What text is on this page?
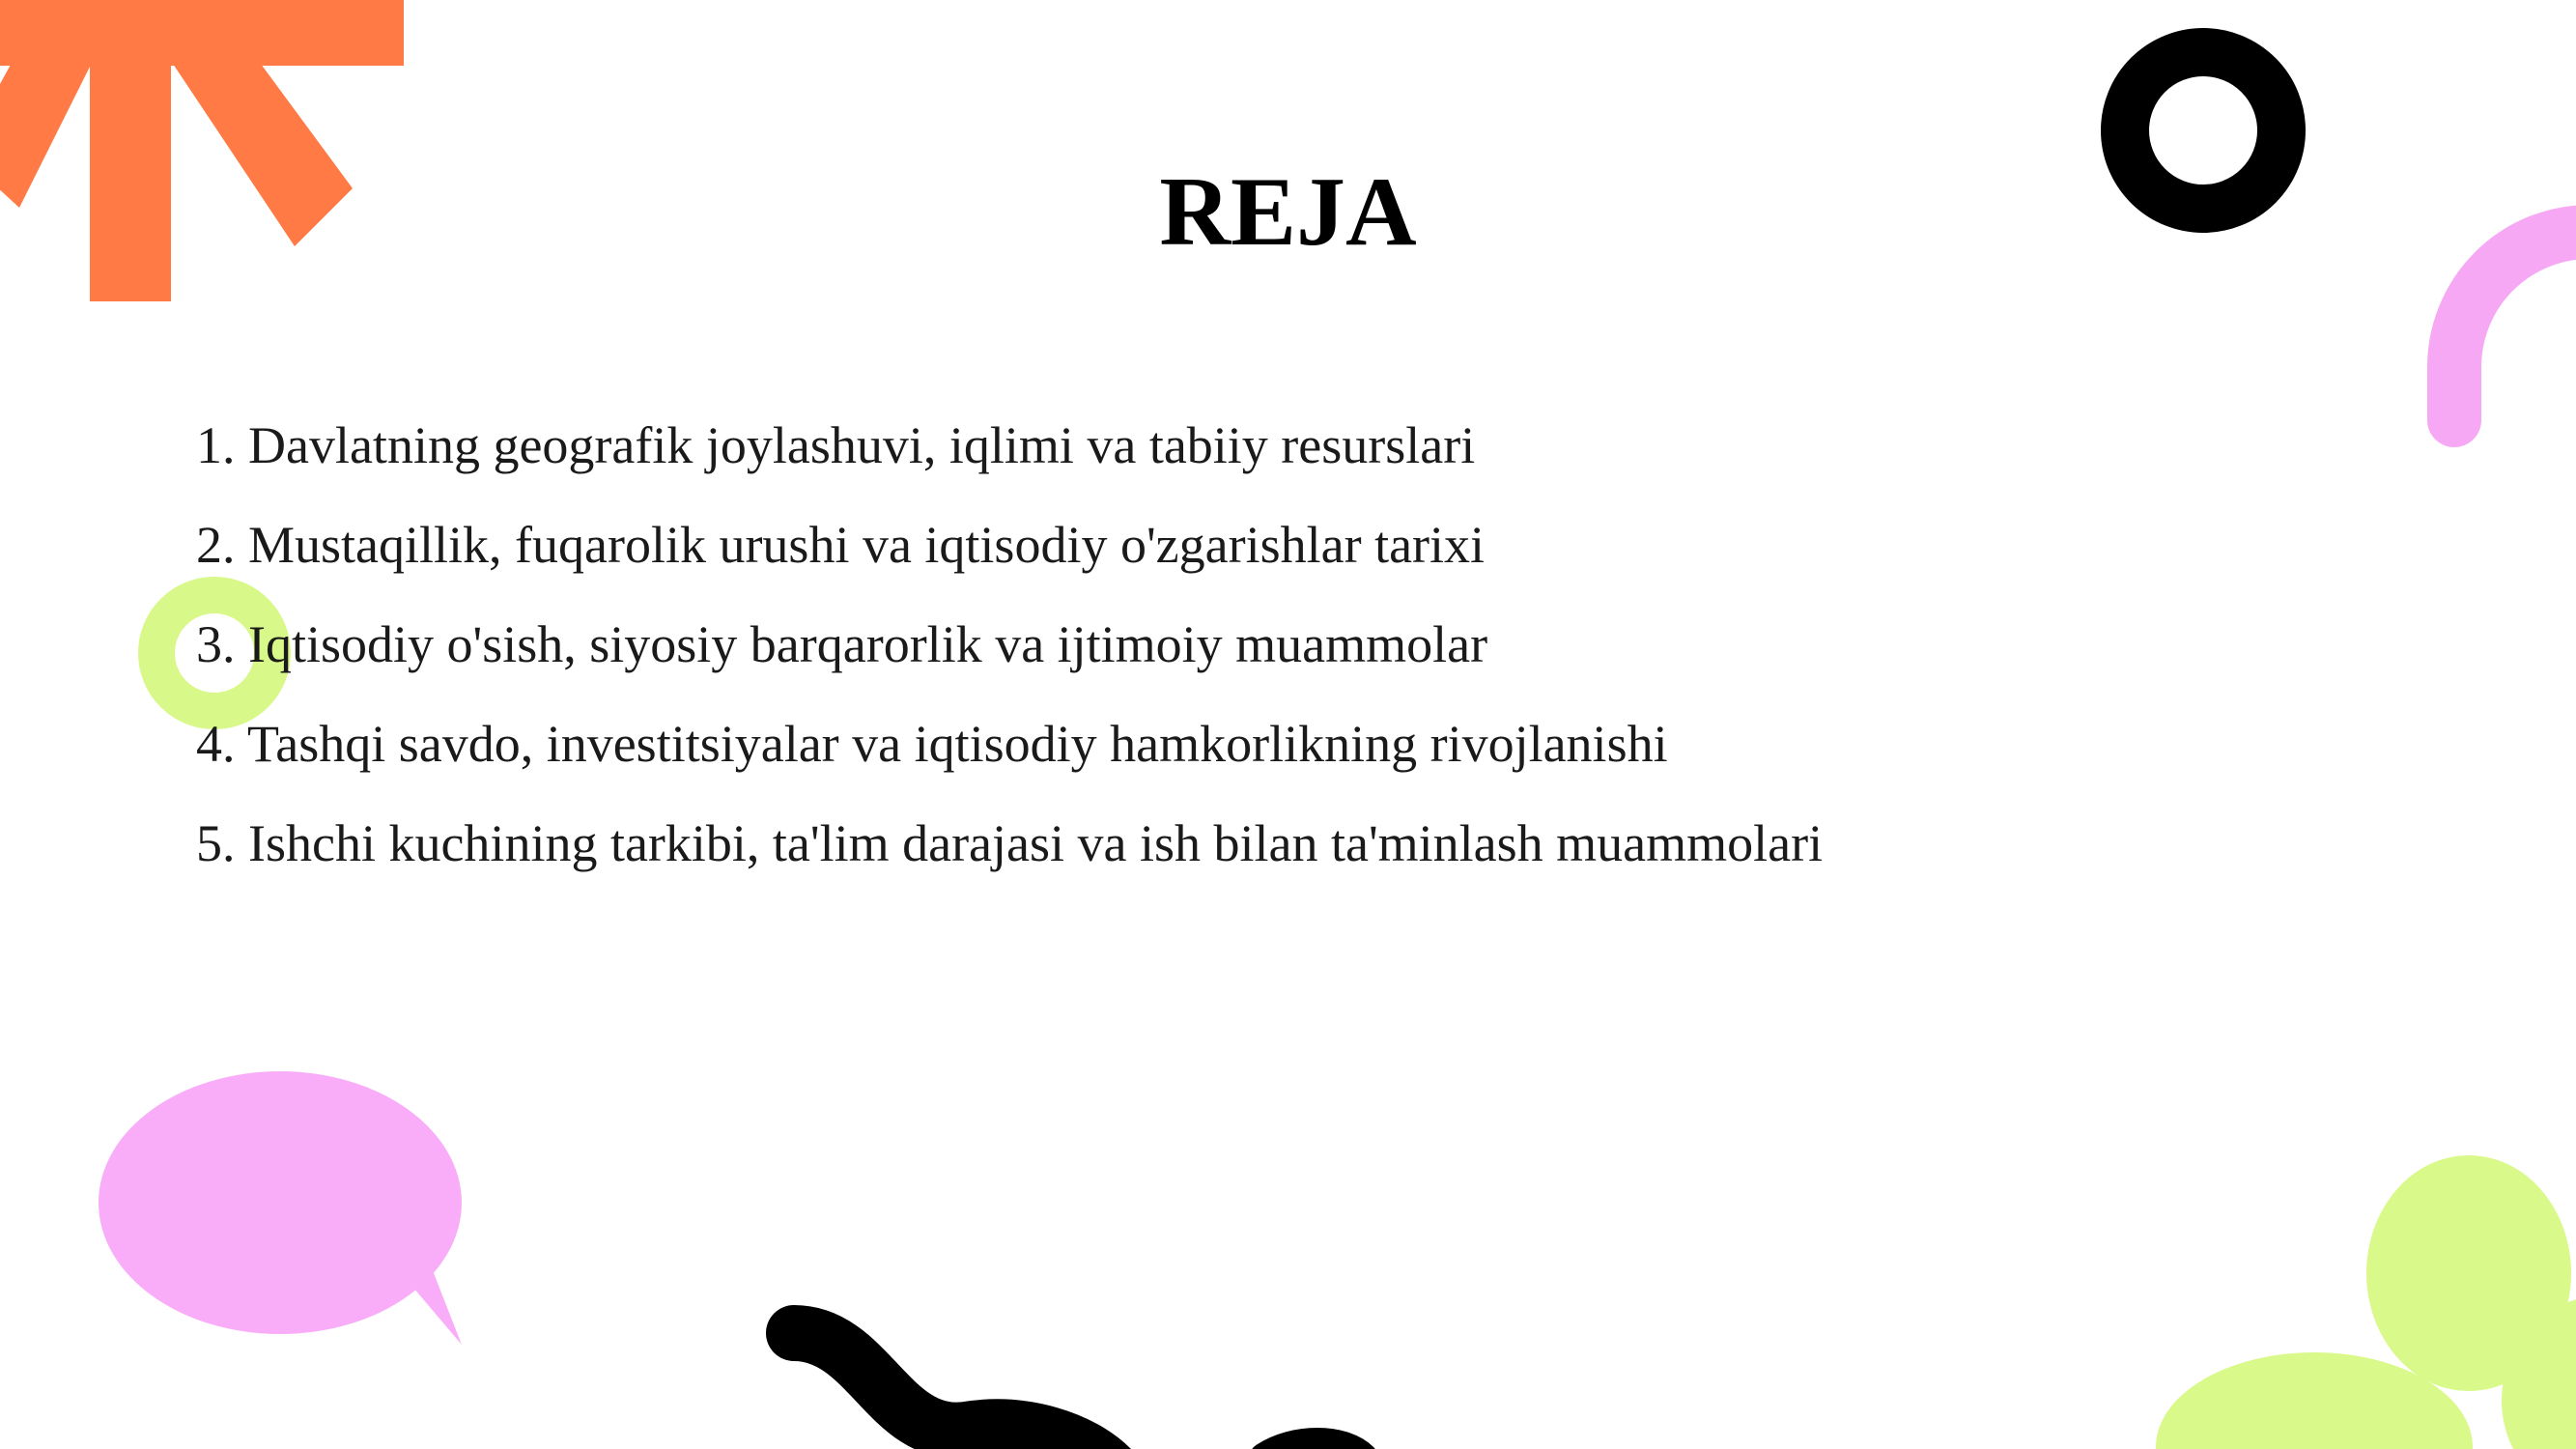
REJA
1. Davlatning geografik joylashuvi, iqlimi va tabiiy resurslari
2. Mustaqillik, fuqarolik urushi va iqtisodiy o'zgarishlar tarixi
3. Iqtisodiy o'sish, siyosiy barqarorlik va ijtimoiy muammolar
4. Tashqi savdo, investitsiyalar va iqtisodiy hamkorlikning rivojlanishi
5. Ishchi kuchining tarkibi, ta'lim darajasi va ish bilan ta'minlash muammolari
